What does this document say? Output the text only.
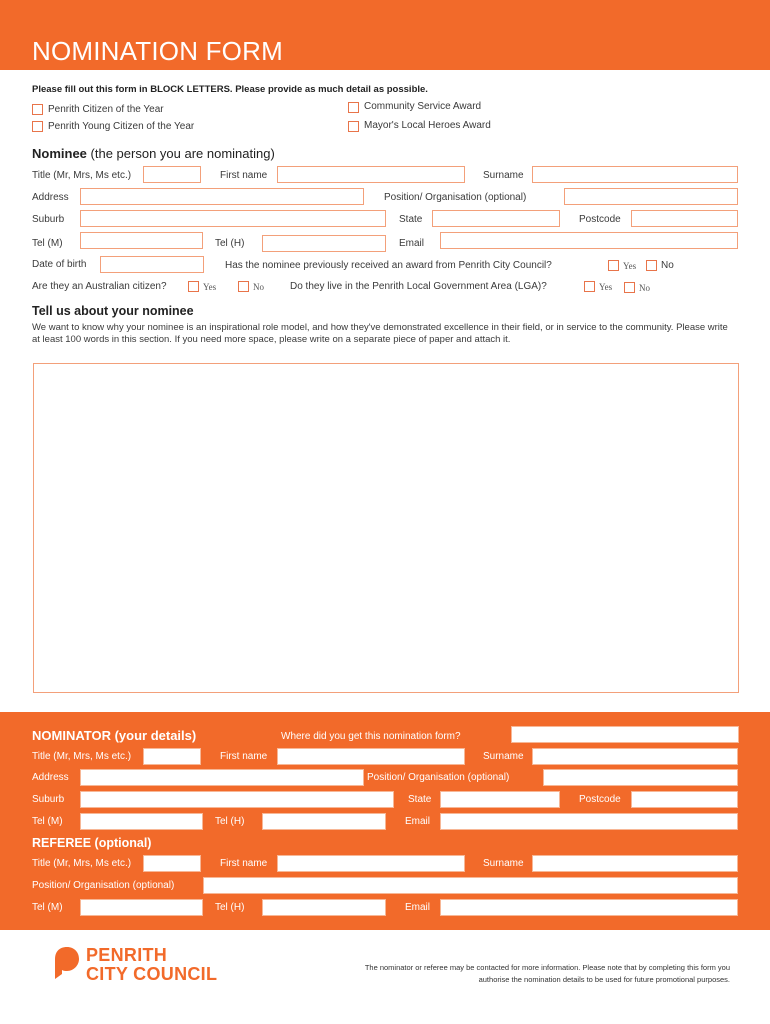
NOMINATION FORM
Please fill out this form in BLOCK LETTERS. Please provide as much detail as possible.
Penrith Citizen of the Year
Penrith Young Citizen of the Year
Community Service Award
Mayor's Local Heroes Award
Nominee (the person you are nominating)
Title (Mr, Mrs, Ms etc.)	First name	Surname
Address	Position/ Organisation (optional)
Suburb	State	Postcode
Tel (M)	Tel (H)	Email
Date of birth	Has the nominee previously received an award from Penrith City Council?	Yes No
Are they an Australian citizen?	Yes	No	Do they live in the Penrith Local Government Area (LGA)?	Yes	No
Tell us about your nominee
We want to know why your nominee is an inspirational role model, and how they've demonstrated excellence in their field, or in service to the community. Please write at least 100 words in this section. If you need more space, please write on a separate piece of paper and attach it.
NOMINATOR (your details)	Where did you get this nomination form?
Title (Mr, Mrs, Ms etc.)	First name	Surname
Address	Position/ Organisation (optional)
Suburb	State	Postcode
Tel (M)	Tel (H)	Email
REFEREE (optional)
Title (Mr, Mrs, Ms etc.)	First name	Surname
Position/ Organisation (optional)
Tel (M)	Tel (H)	Email
PENRITH
CITY COUNCIL	The nominator or referee may be contacted for more information. Please note that by completing this form you
authorise the nomination details to be used for future promotional purposes.
